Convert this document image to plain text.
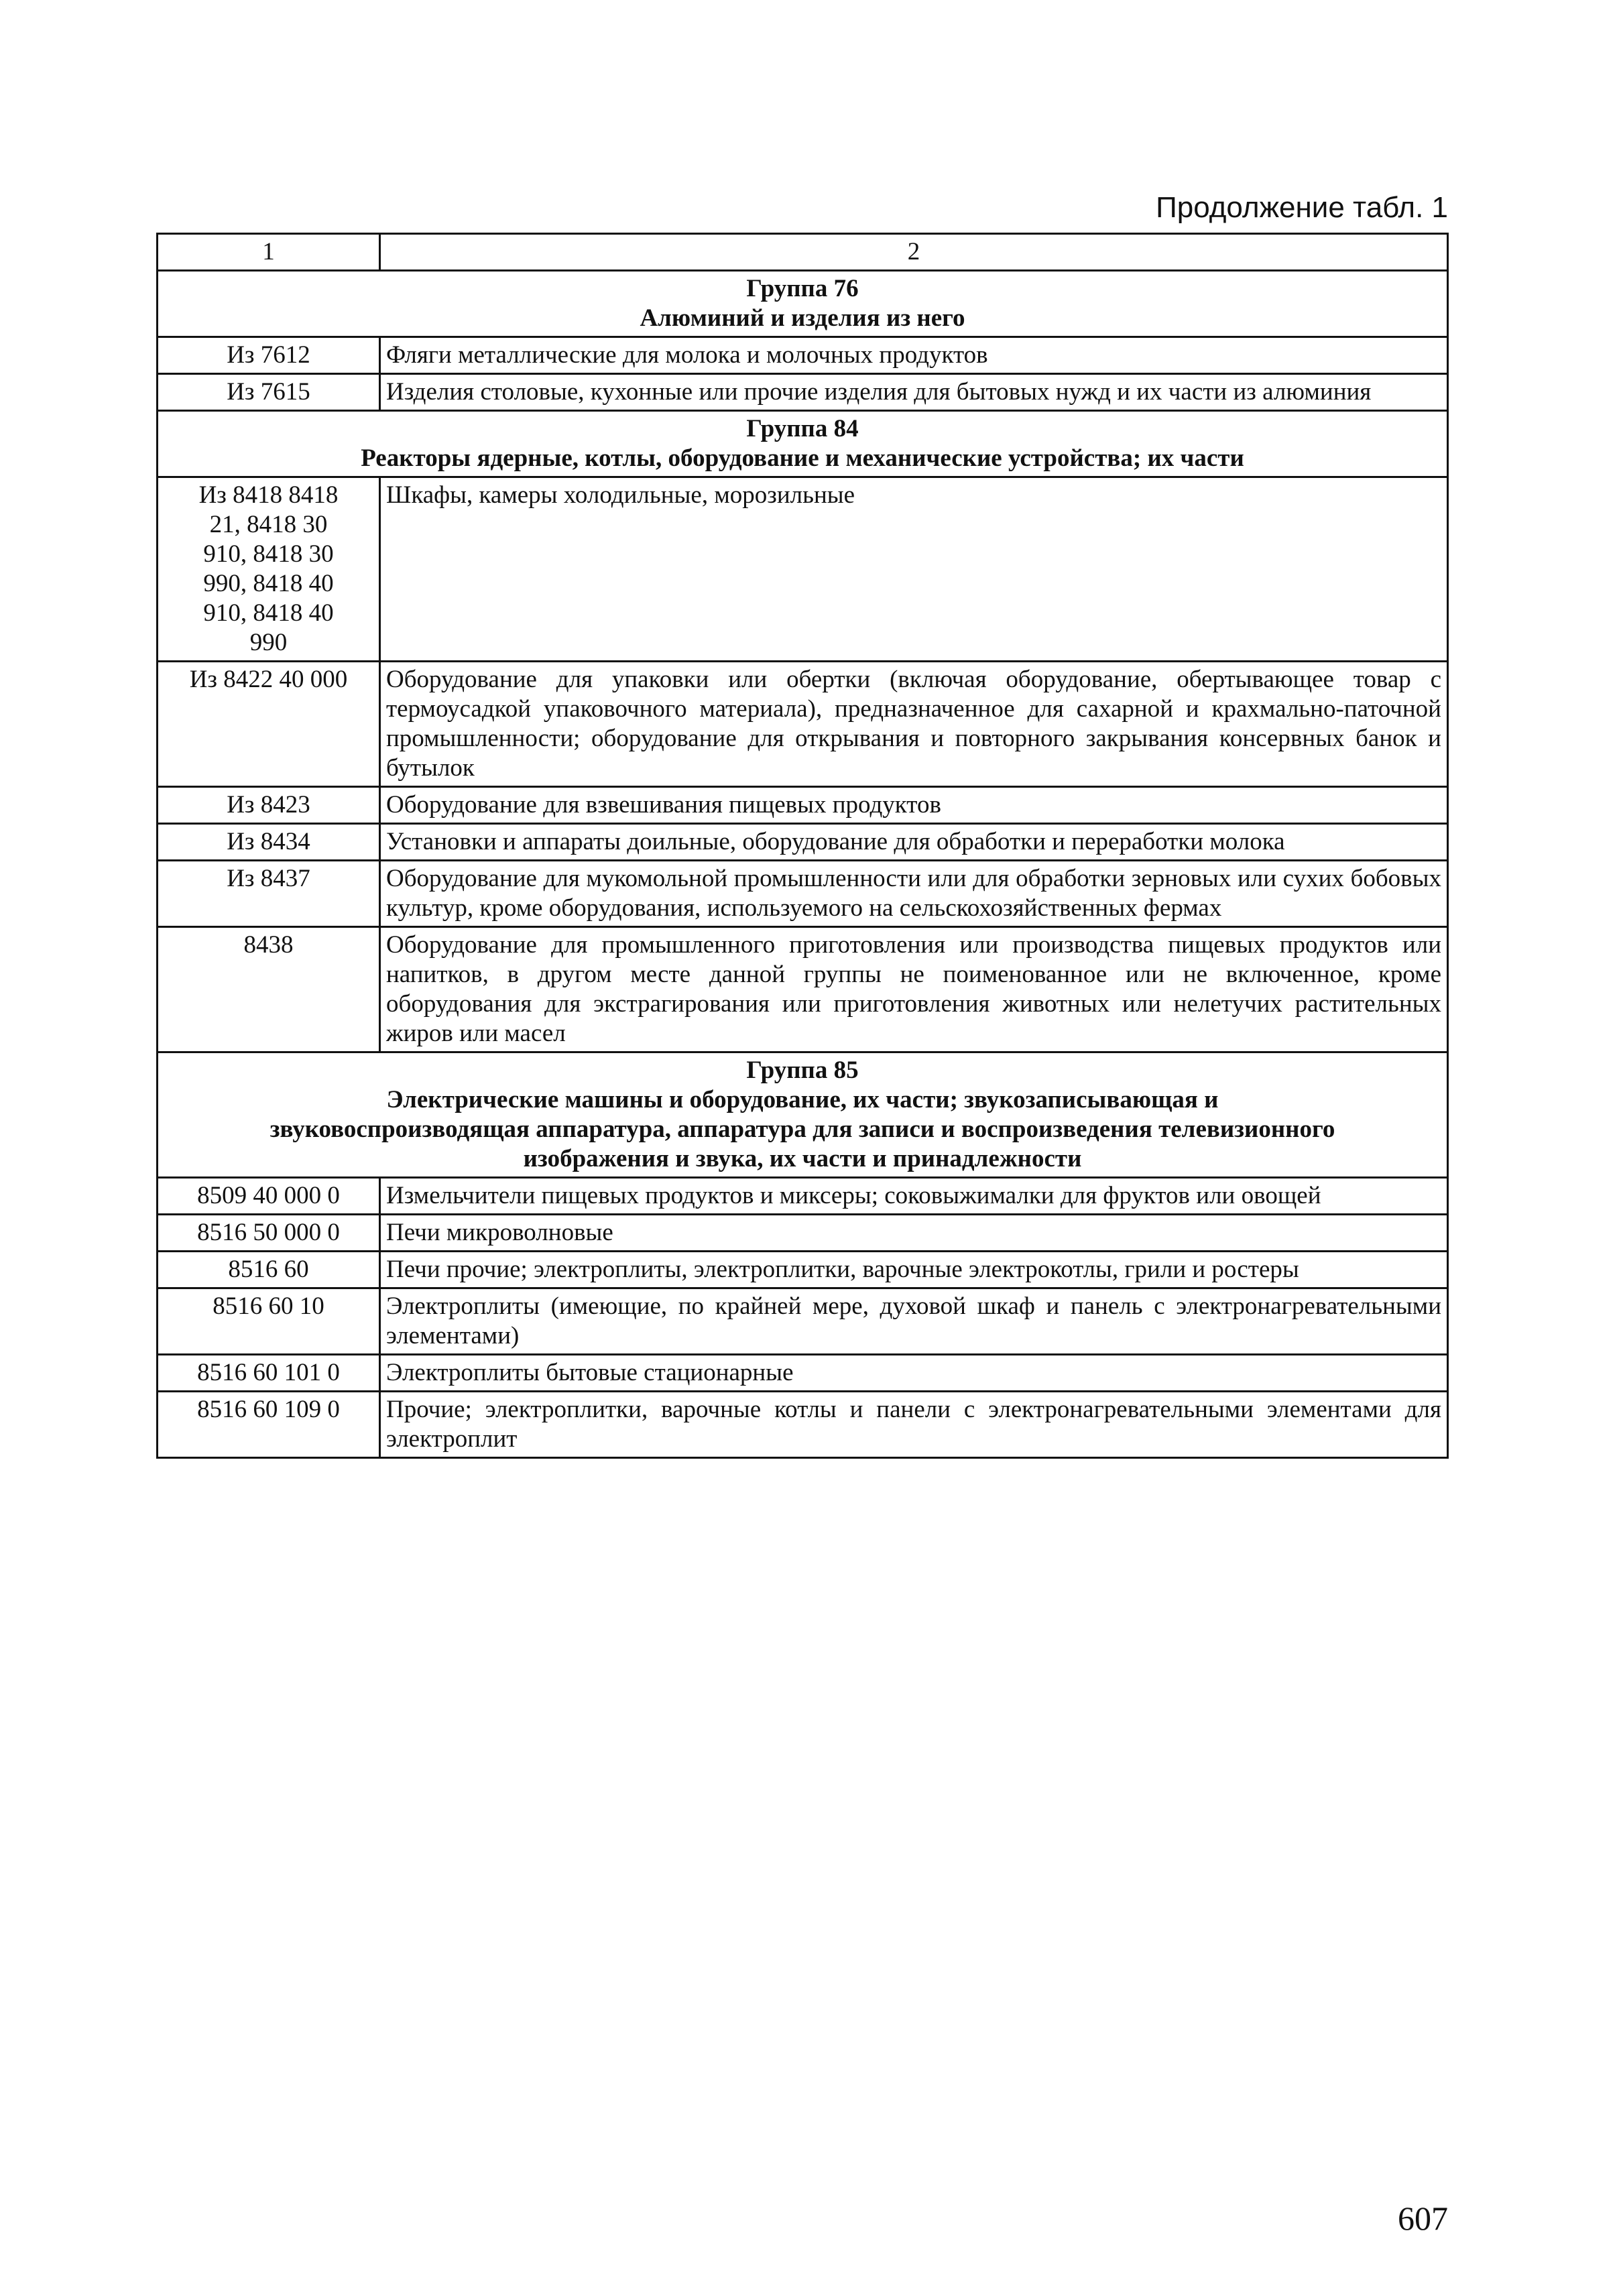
Продолжение табл. 1
1	2

Группа 76
Алюминий и изделия из него	

Из 7612	Фляги металлические для молока и молочных продуктов
Из 7615	Изделия столовые, кухонные или прочие изделия для бытовых нужд и их части из алюминия

Группа 84
Реакторы ядерные, котлы, оборудование и механические устройства; их части	

Из 8418 8418 21, 8418 30 910, 8418 30 990, 8418 40 910, 8418 40 990	Шкафы, камеры холодильные, морозильные
Из 8422 40 000	Оборудование для упаковки или обертки (включая оборудование, обертывающее товар с термоусадкой упаковочного материала), предназначенное для сахарной и крахмально-паточной промышленности; оборудование для открывания и повторного закрывания консервных банок и бутылок
Из 8423	Оборудование для взвешивания пищевых продуктов
Из 8434	Установки и аппараты доильные, оборудование для обработки и переработки молока
Из 8437	Оборудование для мукомольной промышленности или для обработки зерновых или сухих бобовых культур, кроме оборудования, используемого на сельскохозяйственных фермах
8438	Оборудование для промышленного приготовления или производства пищевых продуктов или напитков, в другом месте данной группы не поименованное или не включенное, кроме оборудования для экстрагирования или приготовления животных или нелетучих растительных жиров или масел

Группа 85
Электрические машины и оборудование, их части; звукозаписывающая и звуковоспроизводящая аппаратура, аппаратура для записи и воспроизведения телевизионного изображения и звука, их части и принадлежности	

8509 40 000 0	Измельчители пищевых продуктов и миксеры; соковыжималки для фруктов или овощей
8516 50 000 0	Печи микроволновые
8516 60	Печи прочие; электроплиты, электроплитки, варочные электрокотлы, грили и ростеры
8516 60 10	Электроплиты (имеющие, по крайней мере, духовой шкаф и панель с электронагревательными элементами)
8516 60 101 0	Электроплиты бытовые стационарные
8516 60 109 0	Прочие; электроплитки, варочные котлы и панели с электронагревательными элементами для электроплит
607
